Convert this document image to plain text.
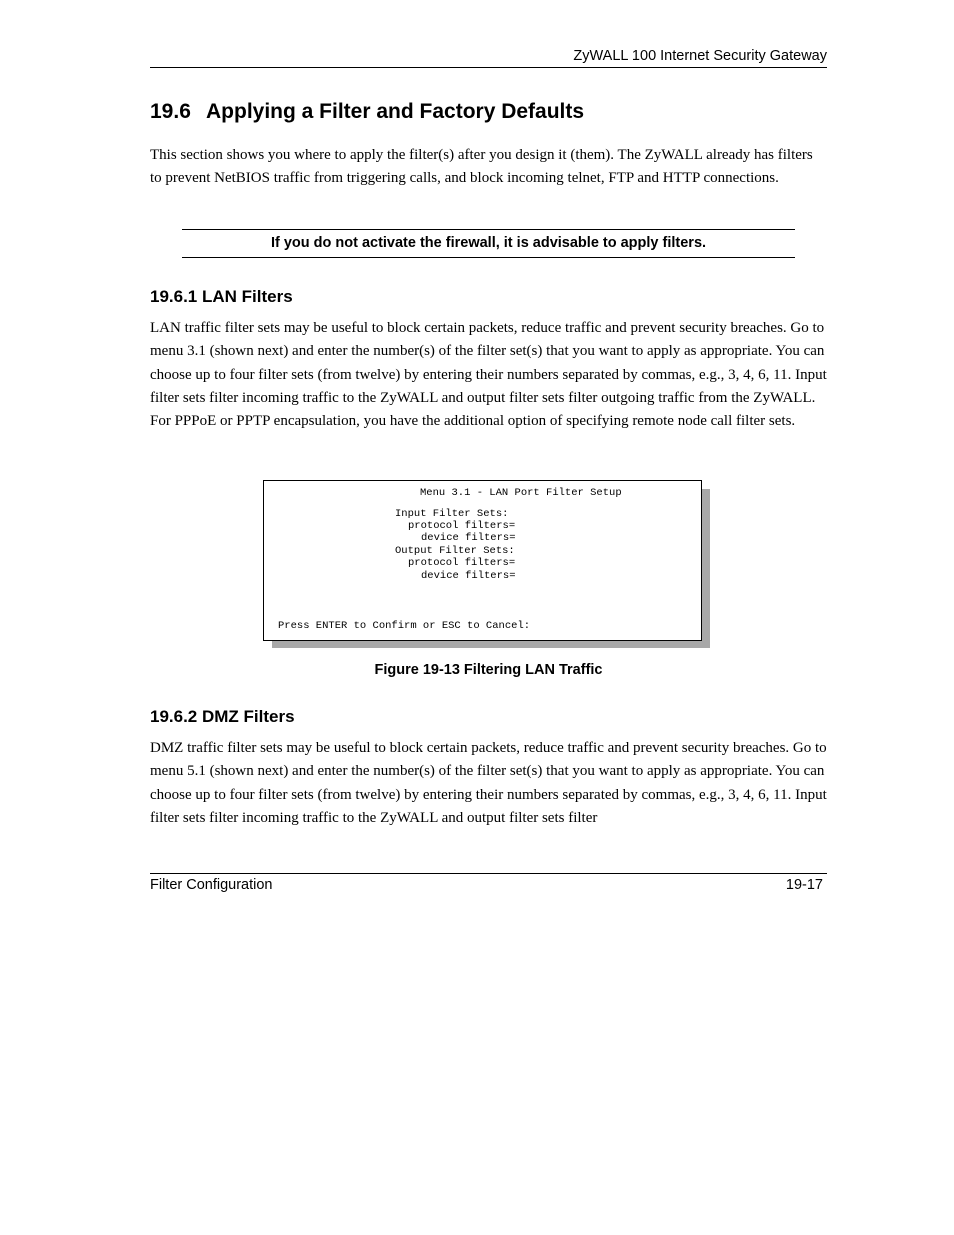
ZyWALL 100 Internet Security Gateway
19.6 Applying a Filter and Factory Defaults

This section shows you where to apply the filter(s) after you design it (them). The ZyWALL already has filters to prevent NetBIOS traffic from triggering calls, and block incoming telnet, FTP and HTTP connections.

If you do not activate the firewall, it is advisable to apply filters.
19.6.1 LAN Filters

LAN traffic filter sets may be useful to block certain packets, reduce traffic and prevent security breaches. Go to menu 3.1 (shown next) and enter the number(s) of the filter set(s) that you want to apply as appropriate. You can choose up to four filter sets (from twelve) by entering their numbers separated by commas, e.g., 3, 4, 6, 11. Input filter sets filter incoming traffic to the ZyWALL and output filter sets filter outgoing traffic from the ZyWALL. For PPPoE or PPTP encapsulation, you have the additional option of specifying remote node call filter sets.

Menu 3.1 - LAN Port Filter Setup
Input Filter Sets:
protocol filters=
device filters=
Output Filter Sets:
protocol filters=
device filters=
Press ENTER to Confirm or ESC to Cancel:
Figure 19-13 Filtering LAN Traffic
19.6.2 DMZ Filters

DMZ traffic filter sets may be useful to block certain packets, reduce traffic and prevent security breaches. Go to menu 5.1 (shown next) and enter the number(s) of the filter set(s) that you want to apply as appropriate. You can choose up to four filter sets (from twelve) by entering their numbers separated by commas, e.g., 3, 4, 6, 11. Input filter sets filter incoming traffic to the ZyWALL and output filter sets filter

Filter Configuration	19-17
